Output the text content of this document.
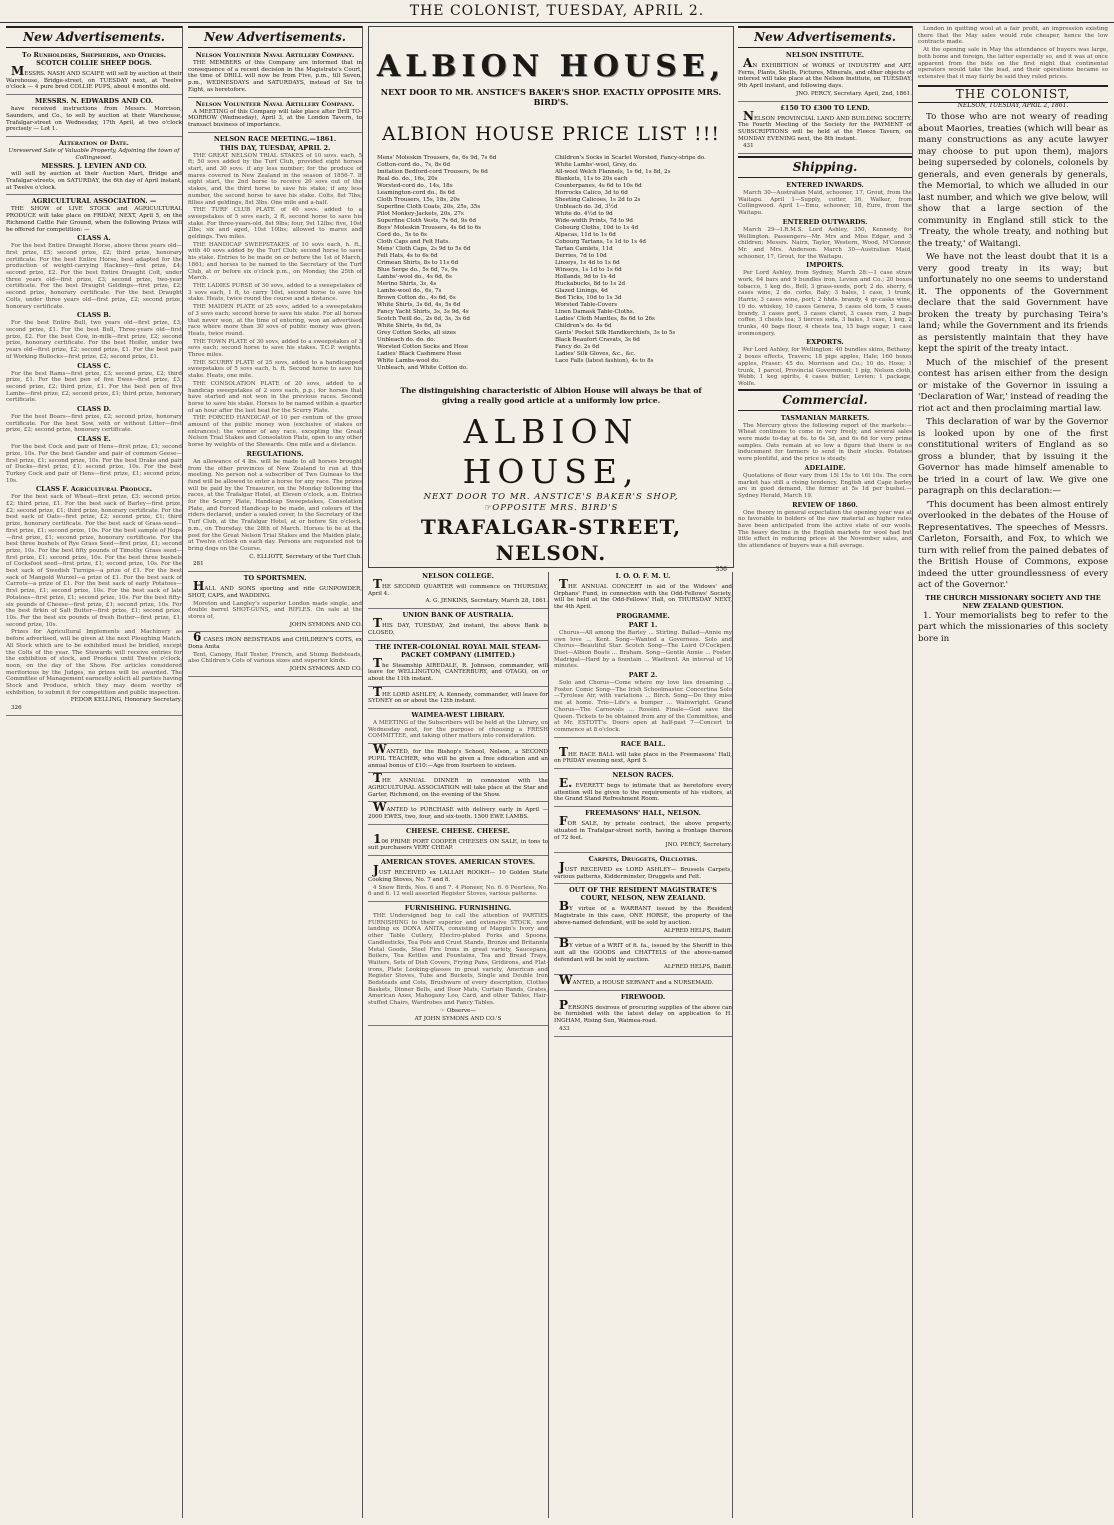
THE COLONIST, TUESDAY, APRIL 2.
New Advertisements.

To Runholders, Shepherds, and Others. SCOTCH COLLIE SHEEP DOGS.

MESSRS. NASH AND SCAIFE will sell by auction at their Warehouse, Bridge-street, on TUESDAY next, at Twelve o'clock — 4 pure bred COLLIE PUPS, about 4 months old.

MESSRS. N. EDWARDS AND CO.

have received instructions from Messrs. Morrison, Saunders, and Co., to sell by auction at their Warehouse, Trafalgar-street on Wednesday, 17th April, at two o'clock precisely — Lot 1.

Alteration of Date.

Unreserved Sale of Valuable Property, Adjoining the town of Collingwood.

MESSRS. J. LEVIEN AND CO.

will sell by auction at their Auction Mart, Bridge and Trafalgar-streets, on SATURDAY, the 6th day of April instant, at Twelve o'clock.

AGRICULTURAL ASSOCIATION. —

THE SHOW of LIVE STOCK and AGRICULTURAL PRODUCE will take place on FRIDAY, NEXT, April 5, on the Richmond Cattle Fair Ground, when the following Prizes will be offered for competition: —

CLASS A.

For the best Entire Draught Horse, above three years old—first prize, £5; second prize, £2; third prize, honorary certificate. For the best Entire Horse, best adapted for the production of weight-carrying Hackney—first prize, £4; second prize, £2. For the best Entire Draught Colt, under three years old—first prize, £3; second prize, two-year certificate. For the best Draught Geldings—first prize, £2; second prize, honorary certificate. For the best Draught Colts, under three years old—first prize, £2; second prize, honorary certificate.

CLASS B.

For the best Entire Bull, two years old—first prize, £3; second prize, £1. For the best Bull, Three-years old—first prize, £2. For the best Cow, in-milk—first prize, £2; second prize, honorary certificate. For the best Heifer, under two years old—first prize, £2; second prize, £1. For the best pair of Working Bullocks—first prize, £2; second prize, £1.

CLASS C.

For the best Rams—first prize, £3; second prize, £2; third prize, £1. For the best pen of five Ewes—first prize, £3; second prize, £2; third prize, £1. For the best pen of five Lambs—first prize, £2; second prize, £1; third prize, honorary certificate.

CLASS D.

For the best Boars—first prize, £2; second prize, honorary certificate. For the best Sow, with or without Litter—first prize, £2; second prize, honorary certificate.

CLASS E.

For the best Cock and pair of Hens—first prize, £1; second prize, 10s. For the best Gander and pair of common Geese—first prize, £1; second prize, 10s. For the best Drake and pair of Ducks—first prize, £1; second prize, 10s. For the best Turkey Cock and pair of Hens—first prize, £1; second prize, 10s.

CLASS F. Agricultural Produce.

For the best sack of Wheat—first prize, £3; second prize, £2; third prize, £1. For the best sack of Barley—first prize, £2; second prize, £1; third prize, honorary certificate. For the best sack of Oats—first prize, £2; second prize, £1; third prize, honorary certificate. For the best sack of Grass-seed—first prize, £1; second prize, 10s. For the best sample of Hops—first prize, £1; second prize, honorary certificate. For the best three bushels of Rye Grass Seed—first prize, £1; second prize, 10s. For the best fifty pounds of Timothy Grass seed—first prize, £1; second prize, 10s. For the best three bushels of Cocksfoot seed—first prize, £1; second prize, 10s. For the best sack of Swedish Turnips—a prize of £1. For the best sack of Mangold Wurzel—a prize of £1. For the best sack of Carrots—a prize of £1. For the best sack of early Potatoes—first prize, £1; second prize, 10s. For the best sack of late Potatoes—first prize, £1; second prize, 10s. For the best fifty-six pounds of Cheese—first prize, £1; second prize, 10s. For the best firkin of Salt Butter—first prize, £1; second prize, 10s. For the best six pounds of fresh Butter—first prize, £1; second prize, 10s.

Prizes for Agricultural Implements and Machinery as before advertised, will be given at the next Ploughing Match. All Stock which are to be exhibited must be bridled, except the Colts of the year. The Stewards will receive entries for the exhibition of stock, and Produce until Twelve o'clock, noon, on the day of the Show. For articles considered meritorious by the Judges, no prizes will be awarded. The Committee of Management earnestly solicit all parties having Stock and Produce, which they may deem worthy of exhibition, to submit it for competition and public inspection.

FEDOR KELLING, Honorary Secretary.

326

New Advertisements.

Nelson Volunteer Naval Artillery Company.

THE MEMBERS of this Company are informed that in consequence of a recent decision in the Magistrate's Court, the time of DRILL will now be from Five, p.m., till Seven, p.m., WEDNESDAYS and SATURDAYS, instead of Six to Eight, as heretofore.

Nelson Volunteer Naval Artillery Company.

A MEETING of this Company will take place after Drill TO-MORROW (Wednesday), April 3, at the London Tavern, to transact business of importance.

NELSON RACE MEETING.—1861.

THIS DAY, TUESDAY, APRIL 2.

THE GREAT NELSON TRIAL STAKES of 10 sovs. each, 5 ft; 50 sovs added by the Turf Club, provided eight horses start, and 30 sovs. if any less number; for the produce of mares covered in New Zealand in the season of 1856-7. If eight start, the 2nd horse to receive 20 sovs out of the stakes, and the third horse to save his stake; if any less number, the second horse to save his stake. Colts, 8st 7lbs; fillies and geldings, 8st 3lbs. One mile and a-half.

THE TURF CLUB PLATE of 40 sovs. added to a sweepstakes of 5 sovs each, 2 ft, second horse to save his stake. For three-years-old, 8st 9lbs; four, 9st 12lbs; five, 10st 2lbs; six and aged, 10st 10lbs; allowed to mares and geldings. Two miles.

THE HANDICAP SWEEPSTAKES of 10 sovs each, h. ft., with 40 sovs added by the Turf Club; second horse to save his stake. Entries to be made on or before the 1st of March, 1861; and horses to be named to the Secretary of the Turf Club, at or before six o'clock p.m., on Monday, the 25th of March.

THE LADIES PURSE of 30 sovs, added to a sweepstakes of 3 sovs each, 1 ft, to carry 10st, second horse to save his stake. Heats, twice round the course and a distance.

THE MAIDEN PLATE of 25 sovs, added to a sweepstakes of 3 sovs each; second horse to save his stake. For all horses that never won, at the time of entering, won an advertised race where more than 30 sovs of public money was given. Heats, twice round.

THE TOWN PLATE of 30 sovs, added to a sweepstakes of 3 sovs each; second horse to save his stakes. T.C.P. weights. Three miles.

THE SCURRY PLATE of 25 sovs, added to a handicapped sweepstakes of 5 sovs each, h. ft. Second horse to save his stake. Heats, one mile.

THE CONSOLATION PLATE of 20 sovs, added to a handicap sweepstakes of 2 sovs each, p.p.; for horses that have started and not won in the previous races. Second horse to save his stake. Horses to be named within a quarter of an hour after the last heat for the Scurry Plate.

THE FORCED HANDICAP of 10 per centum of the gross amount of the public money won (exclusive of stakes or entrances); the winner of any race, excepting the Great Nelson Trial Stakes and Consolation Plate, open to any other horse by weights of the Stewards. One mile and a distance.

REGULATIONS.

An allowance of 4 lbs. will be made to all horses brought from the other provinces of New Zealand to run at this meeting. No person not a subscriber of Two Guineas to the fund will be allowed to enter a horse for any race. The prizes will be paid by the Treasurer, on the Monday following the races, at the Trafalgar Hotel, at Eleven o'clock, a.m. Entries for the Scurry Plate, Handicap Sweepstakes, Consolation Plate, and Forced Handicap to be made, and colours of the riders declared, under a sealed cover, to the Secretary of the Turf Club, at the Trafalgar Hotel, at or before Six o'clock, p.m., on Thursday, the 28th of March. Horses to be at the post for the Great Nelson Trial Stakes and the Maiden plate, at Twelve o'clock on each day. Persons are requested not to bring dogs on the Course.

C. ELLIOTT, Secretary of the Turf Club.

281

TO SPORTSMEN.

HALL AND SONS sporting and rifle GUNPOWDER, SHOT, CAPS, and WADDING.

Moreton and Langley's superior London made single, and double barrel SHOT-GUNS, and RIFLES. On sale at the stores of,

JOHN SYMONS AND CO.

6 CASES IRON BEDSTEADS and CHILDREN'S COTS, ex Dona Anita

Tent, Canopy, Half Tester, French, and Stump Bedsteads, also Children's Cots of various sizes and superior kinds.

JOHN SYMONS AND CO.

ALBION HOUSE,
NEXT DOOR TO MR. ANSTICE'S BAKER'S SHOP. EXACTLY OPPOSITE MRS. BIRD'S.
ALBION HOUSE PRICE LIST !!!
Mens' Moleskin Trousers, 6s, 6s 9d, 7s 6d
Cotton-cord do., 7s, 8s 6d
Imitation Bedford-cord Trousers, 9s 6d
Real do. do., 16s, 20s
Worsted-cord do., 14s, 18s
Leamington-cord do., 8s 6d
Cloth Trousers, 15s, 18s, 20s
Superfine Cloth Coats, 20s, 25s, 35s
Pilot Monkey-Jackets, 20s, 27s
Superfine Cloth Vests, 7s 6d, 9s 6d
Boys' Moleskin Trousers, 4s 6d to 6s
Cord do., 5s to 6s
Cloth Caps and Felt Hats.
Mens' Cloth Caps, 2s 9d to 5s 6d
Felt Hats, 4s to 6s 6d
Crimean Shirts, 8s to 11s 6d
Blue Serge do., 5s 6d, 7s, 9s
Lambs'-wool do., 4s 6d, 6s
Merino Shirts, 3s, 4s
Lambs-wool do., 6s, 7s
Brown Cotton do., 4s 6d, 6s
White Shirts, 3s 6d, 4s, 5s 6d
Fancy Yacht Shirts, 3s, 3s 9d, 4s
Scotch Twill do., 2s 6d, 3s, 3s 6d
White Shirts, 4s 6d, 5s
Grey Cotton Socks, all sizes
Unbleach do. do. do.
Worsted Cotton Socks and Hose
Ladies' Black Cashmere Hose
White Lambs-wool do.
Unbleach, and White Cotton do.
Children's Socks in Scarlet Worsted, Fancy-stripe do.
White Lambs'-wool, Grey, do.
All-wool Welch Flannels, 1s 6d, 1s 8d, 2s
Blankets, 11s to 20s each
Counterpanes, 4s 6d to 10s 6d
Horrocks Calico, 3d to 6d
Sheeting Calicoes, 1s 2d to 2s
Unbleach do. 3d, 3½d
White do. 4½d to 9d
Wide-width Prints, 7d to 9d
Cobourg Cloths, 10d to 1s 4d
Alpacas, 11d to 1s 6d
Cobourg Tartans, 1s 1d to 1s 4d
Tartan Camlets, 11d
Derries, 7d to 10d
Linseys, 1s 4d to 1s 6d
Winseys, 1s 1d to 1s 6d
Hollands, 9d to 1s 4d
Huckabucks, 8d to 1s 2d
Glazed Linings, 4d
Bed Ticks, 10d to 1s 3d
Worsted Table-Covers
Linen Damask Table-Cloths.
Ladies' Cloth Mantles, 8s 6d to 26s
Children's do. 4s 6d
Gents' Pocket Silk Handkerchiefs, 3s to 5s
Black Beaufort Cravats, 3s 6d
Fancy do. 2s 6d
Ladies' Silk Gloves, &c., &c.
Lace Falls (latest fashion), 4s to 8s
The distinguishing characteristic of Albion House will always be that of giving a really good article at a uniformly low price.
ALBION HOUSE,
NEXT DOOR TO MR. ANSTICE'S BAKER'S SHOP,
☞OPPOSITE MRS. BIRD'S
TRAFALGAR-STREET, NELSON.
356

NELSON COLLEGE.

THE SECOND QUARTER will commence on THURSDAY, April 4.

A. G. JENKINS, Secretary. March 28, 1861.

UNION BANK OF AUSTRALIA.

THIS DAY, TUESDAY, 2nd instant, the above Bank is CLOSED.

THE INTER-COLONIAL ROYAL MAIL STEAM-PACKET COMPANY (LIMITED.)

The Steamship AIREDALE, R. Johnson, commander, will leave for WELLINGTON, CANTERBURY, and OTAGO, on or about the 11th instant.

THE LORD ASHLEY, A. Kennedy, commander, will leave for SYDNEY on or about the 12th instant.

WAIMEA-WEST LIBRARY.

A MEETING of the Subscribers will be held at the Library, on Wednesday next, for the purpose of choosing a FRESH COMMITTEE, and taking other matters into consideration.

WANTED, for the Bishop's School, Nelson, a SECOND PUPIL TEACHER, who will be given a free education and an annual bonus of £10:—Age from fourteen to sixteen.

THE ANNUAL DINNER in connexion with the AGRICULTURAL ASSOCIATION will take place at the Star and Garter, Richmond, on the evening of the Show.

WANTED to PURCHASE with delivery early in April — 2000 EWES, two, four, and six-tooth. 1500 EWE LAMBS.

CHEESE. CHEESE. CHEESE.

106 PRIME PORT COOPER CHEESES ON SALE, in tons to suit purchasers VERY CHEAP.

AMERICAN STOVES. AMERICAN STOVES.

JUST RECEIVED ex LALLAH ROOKH— 10 Golden State Cooking Stoves, No. 7 and 8.

4 Snow Birds, Nos. 6 and 7. 4 Pioneer, No. 6. 6 Peerless, No. 6 and 6. 12 well assorted Register Stoves, various patterns.

FURNISHING. FURNISHING.

THE Undersigned beg to call the attention of PARTIES FURNISHING to their superior and extensive STOCK, now landing ex DONA ANITA, consisting of Mappin's Ivory and other Table Cutlery, Electro-plated Forks and Spoons, Candlesticks, Tea Pots and Cruet Stands, Bronze and Britannia Metal Goods, Steel Fire Irons in great variety, Saucepans, Boilers, Tea Kettles and Fountains, Tea and Bread Trays, Waiters, Sets of Dish Covers, Frying Pans, Gridirons, and Flat-irons, Plate Looking-glasses in great variety, American and Register Stoves, Tubs and Buckets, Single and Double Iron Bedsteads and Cots, Brushware of every description, Clothes Baskets, Dinner Bells, and Door Mats, Curtain Bands, Grates, American Axes, Mahogany Loo, Card, and other Tables, Hair-stuffed Chairs, Wardrobes and Fancy Tables.

☞ Observe—

AT JOHN SYMONS AND CO.'S

I. O. O. F. M. U.

THE ANNUAL CONCERT in aid of the Widows' and Orphans' Fund, in connection with the Odd-Fellows' Society, will be held at the Odd-Fellows' Hall, on THURSDAY NEXT, the 4th April.

PROGRAMME.

PART 1.

Chorus—All among the Barley ... Stirling. Ballad—Annie my own love ... Kent. Song—Wanted a Governess. Solo and Chorus—Beautiful Star. Scotch Song—The Laird O'Cockpen. Duet—Albion Boats ... Braham. Song—Gentle Annie ... Foster. Madrigal—Hard by a fountain ... Waelrent. An interval of 10 minutes.

PART 2.

Solo and Chorus—Come where my love lies dreaming ... Foster. Comic Song—The Irish Schoolmaster. Concertina Solo—Tyrolese Air, with variations ... Birch. Song—Do they miss me at home. Trio—Life's a bumper ... Wainwright. Grand Chorus—The Carnovals ... Rossini. Finale—God save the Queen. Tickets to be obtained from any of the Committee, and at Mr. ESTOTT's. Doors open at half-past 7—Concert to commence at 8 o'clock.

RACE BALL.

THE RACE BALL will take place in the Freemasons' Hall, on FRIDAY evening next, April 5.

NELSON RACES.

E. EVERETT begs to intimate that as heretofore every attention will be given to the requirements of his visitors, at the Grand Stand Refreshment Room.

FREEMASONS' HALL, NELSON.

FOR SALE, by private contract, the above property, situated in Trafalgar-street north, having a frontage thereon of 72 feet.

JNO. PERCY, Secretary.

Carpets, Druggets, Oilcloths.

JUST RECEIVED ex LORD ASHLEY— Brussels Carpets, various patterns, Kidderminster, Druggets and Felt.

OUT OF THE RESIDENT MAGISTRATE'S COURT, NELSON, NEW ZEALAND.

BY virtue of a WARRANT issued by the Resident Magistrate in this case, ONE HORSE, the property of the above-named defendant, will be sold by auction.

ALFRED HELPS, Bailiff.

BY virtue of a WRIT of fi. fa., issued by the Sheriff in this suit all the GOODS and CHATTELS of the above-named defendant will be sold by auction.

ALFRED HELPS, Bailiff.

WANTED, a HOUSE SERVANT and a NURSEMAID.

FIREWOOD.

PERSONS desirous of procuring supplies of the above can be furnished with the latest delay on application to H. INGHAM, Rising Sun, Waimea-road.

433

New Advertisements.

NELSON INSTITUTE.

AN EXHIBITION of WORKS of INDUSTRY and ART, Ferns, Plants, Shells, Pictures, Minerals, and other objects of interest will take place at the Nelson Institute, on TUESDAY, 9th April instant, and following days.

JNO. PERCY, Secretary. April, 2nd, 1861.

£150 TO £300 TO LEND.

NELSON PROVINCIAL LAND AND BUILDING SOCIETY. The Fourth Meeting of the Society for the PAYMENT of SUBSCRIPTIONS will be held at the Fleece Tavern, on MONDAY EVENING next, the 8th instant.

431

Shipping.

ENTERED INWARDS.

March 30—Australian Maid, schooner, 17, Grout, from the Waitapu. April 1—Supply, cutter, 36, Walker, from Collingwood. April 1—Emu, schooner, 18, Eure, from the Waitapu.

ENTERED OUTWARDS.

March 29—I.R.M.S. Lord Ashley, 350, Kennedy, for Wellington. Passengers—Mr. Mrs and Miss Edgar, and 3 children; Messrs. Nairn, Taylor, Western, Wood, M'Connor, Mr. and Mrs. Anderson. March 30—Australian Maid, schooner, 17, Grout, for the Waitapu.

IMPORTS.

Per Lord Ashley, from Sydney, March 28:—1 case straw work, 64 bars and 9 bundles iron, Levien and Co.; 20 boxes tobacco, 1 keg do., Bell; 3 grass-seeds, port; 2 do. sherry, 6 cases wine, 2 do. corks, Baly; 3 bales, 1 case, 1 trunk, Harris; 3 cases wine, port; 2 hhds. brandy, 4 qr-casks wine, 10 do. whiskey, 10 cases Geneva, 5 cases old tom, 5 cases brandy, 3 cases port, 3 cases claret, 3 cases rum, 2 bags coffee, 3 chests tea; 3 tierces soda, 3 bales, 1 case, 1 keg, 2 trunks, 40 bags flour, 4 chests tea, 15 bags sugar, 1 case ironmongery.

EXPORTS.

Per Lord Ashley, for Wellington: 40 bundles skins, Bethany; 2 boxes effects, Travers; 18 pigs apples, Hale; 160 boxes apples, Fraser; 45 do. Morrison and Co.; 10 do. Hose; 1 trunk, 1 parcel, Provincial Government; 1 pig, Nelson cloth, Webb; 1 keg spirits, 4 cases butter, Levien; 1 package, Wolfe.

Commercial.

TASMANIAN MARKETS.

The Mercury gives the following report of the markets:— Wheat continues to come in very freely, and several sales were made to-day at 6s. to 6s 3d, and 6s 6d for very prime samples. Oats remain at so low a figure that there is no inducement for farmers to send in their stocks. Potatoes were plentiful, and the price is steady.

ADELAIDE.

Quotations of flour vary from 15l 15s to 16l 10s. The corn market has still a rising tendency. English and Cape barley are in good demand, the former at 5s 1d per bushel.—Sydney Herald, March 19.

REVIEW OF 1860.

One theory in general expectation the opening year was at no favorable to holders of the raw material as higher rates have been anticipated from the active state of our wools. The heavy decline in the English markets for wool had but little effect in reducing prices at the November sales, and the attendance of buyers was a full average.

London in quitting wool at a fair profit, an impression existing there that the May sales would rule cheaper, hence the low contracts made.

At the opening sale in May the attendance of buyers was large, both home and foreign, the latter especially so, and it was at once apparent from the bids on the first night that continental operators would take the lead, and their operations became so extensive that it may fairly be said they ruled prices.

THE COLONIST,
NELSON, TUESDAY, APRIL 2, 1861.

To those who are not weary of reading about Maories, treaties (which will bear as many constructions as any acute lawyer may choose to put upon them), majors being superseded by colonels, colonels by generals, and even generals by generals, the Memorial, to which we alluded in our last number, and which we give below, will show that a large section of the community in England still stick to the 'Treaty, the whole treaty, and nothing but the treaty,' of Waitangi.

We have not the least doubt that it is a very good treaty in its way; but unfortunately no one seems to understand it. The opponents of the Government declare that the said Government have broken the treaty by purchasing Teira's land; while the Government and its friends as persistently maintain that they have kept the spirit of the treaty intact.

Much of the mischief of the present contest has arisen either from the design or mistake of the Governor in issuing a 'Declaration of War,' instead of reading the riot act and then proclaiming martial law.

This declaration of war by the Governor is looked upon by one of the first constitutional writers of England as so gross a blunder, that by issuing it the Governor has made himself amenable to be tried in a court of law. We give one paragraph on this declaration:—

'This document has been almost entirely overlooked in the debates of the House of Representatives. The speeches of Messrs. Carleton, Forsaith, and Fox, to which we turn with relief from the pained debates of the British House of Commons, expose indeed the utter groundlessness of every act of the Governor.'

THE CHURCH MISSIONARY SOCIETY AND THE NEW ZEALAND QUESTION.

1. Your memorialists beg to refer to the part which the missionaries of this society bore in
